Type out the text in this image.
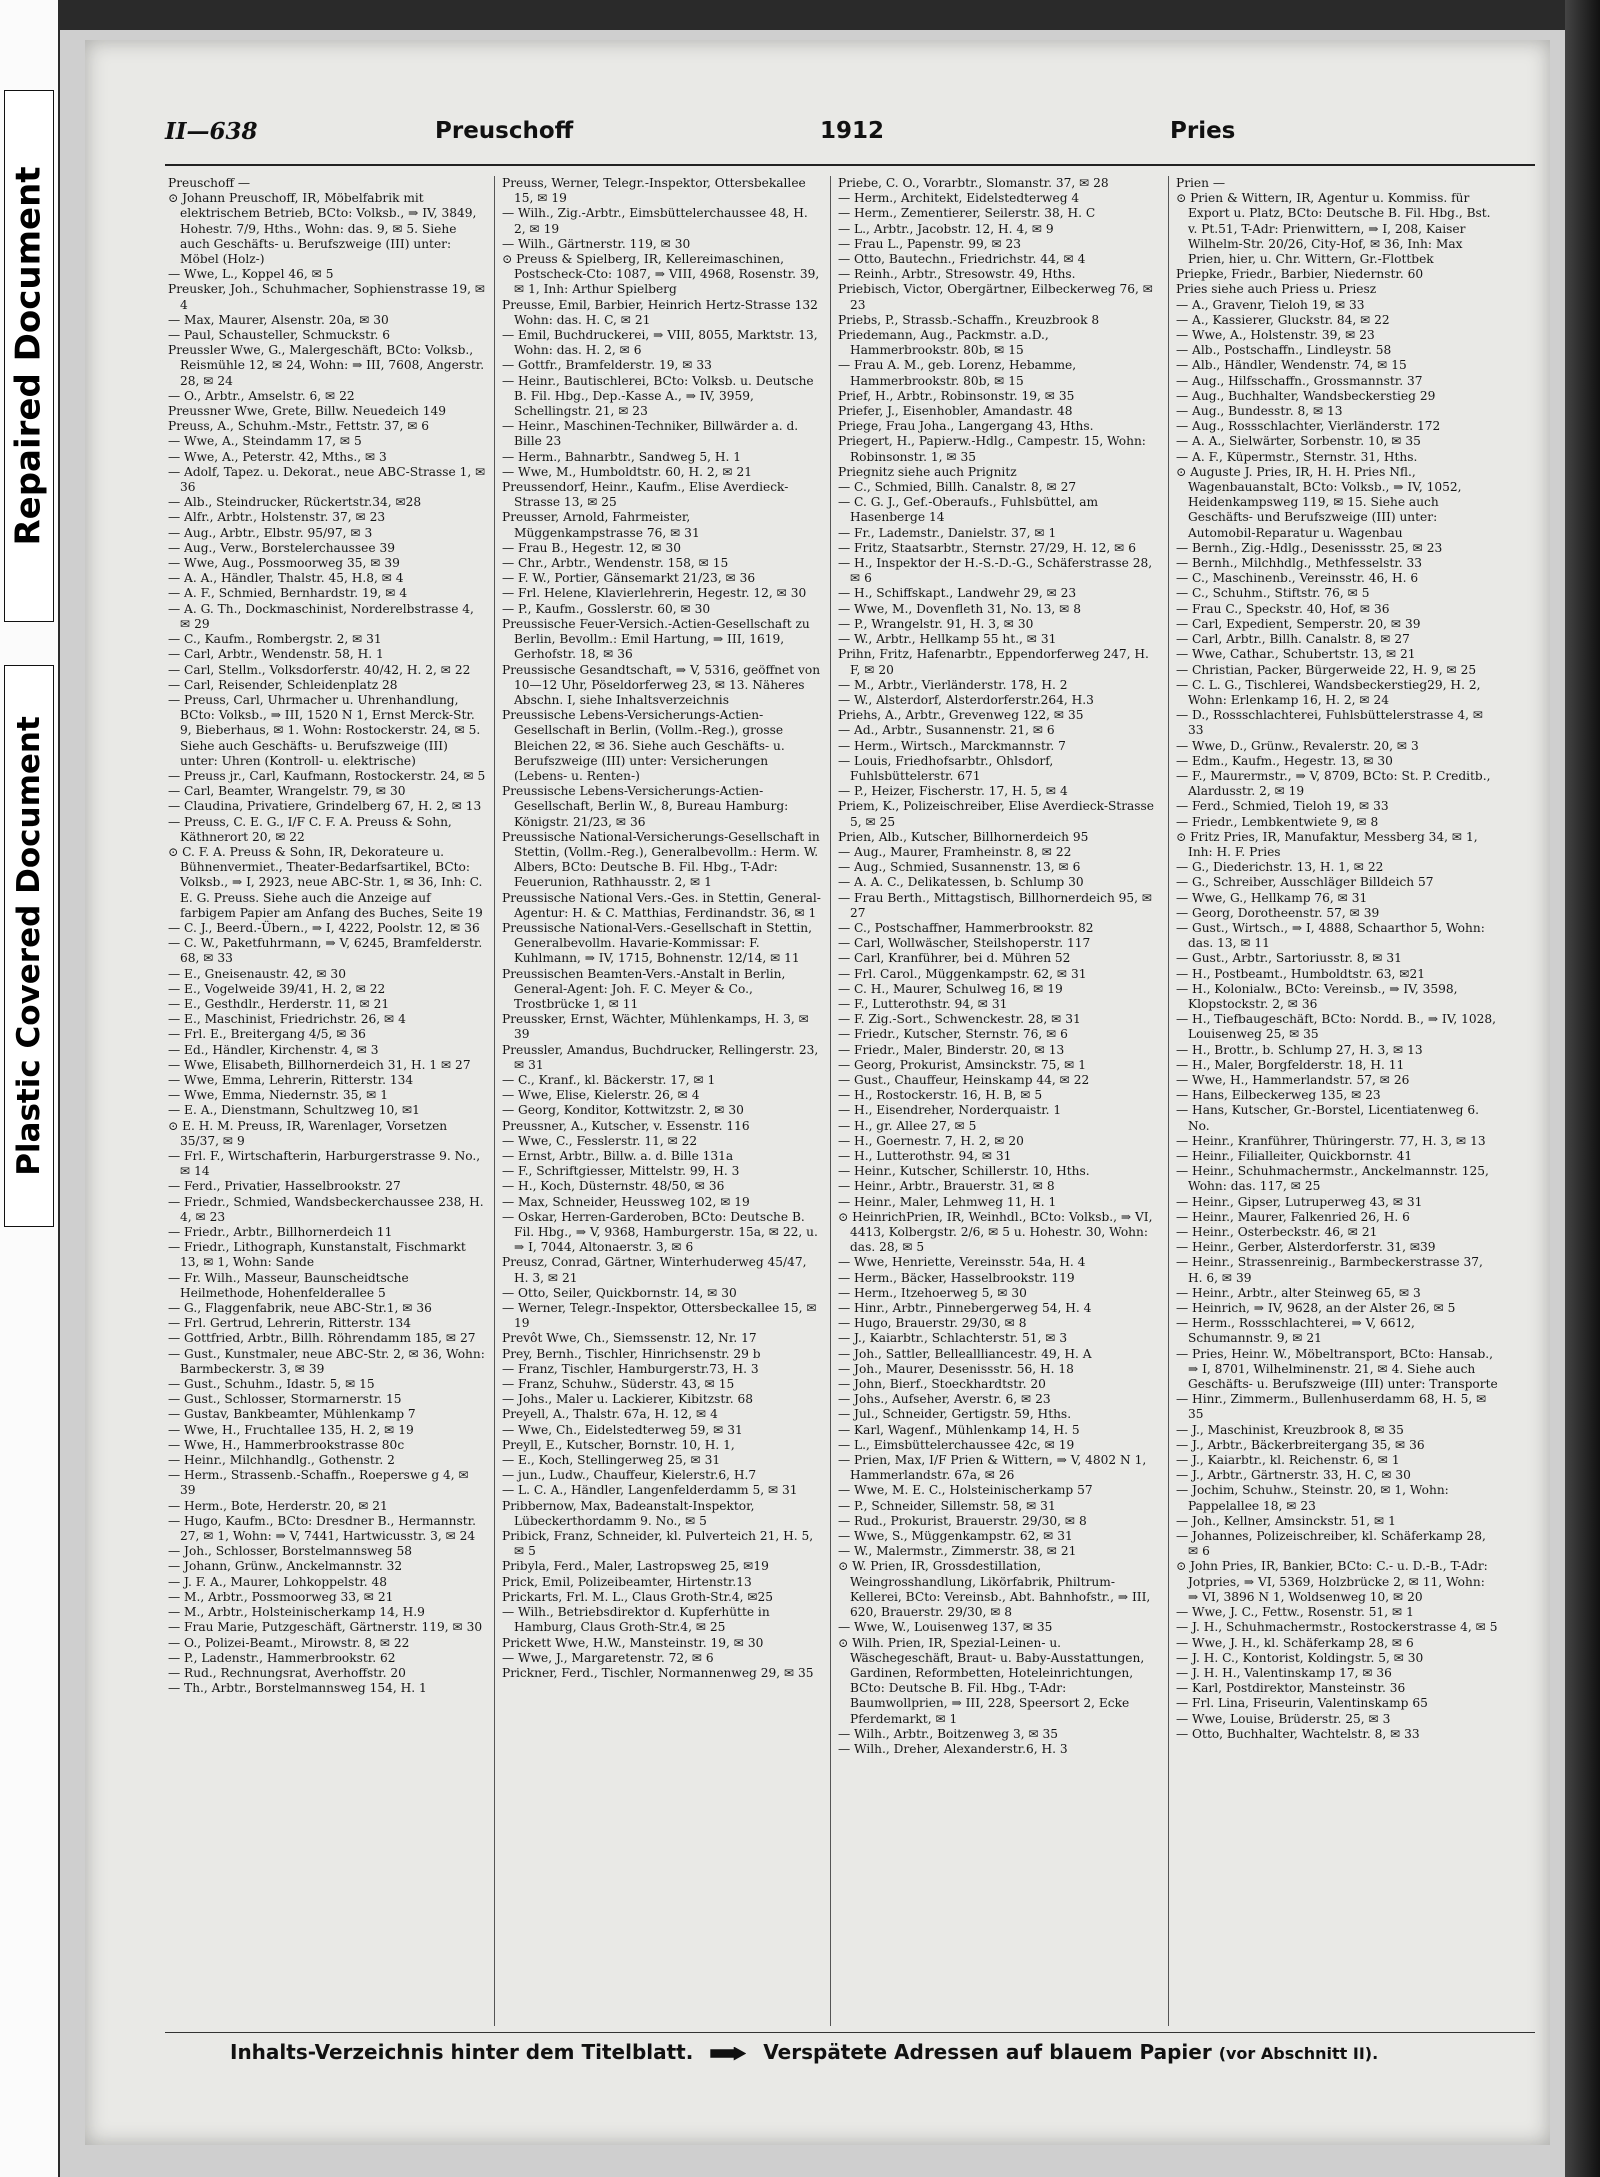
Repaired Document
Plastic Covered Document
II—638	Preuschoff	1912	Pries
Preuschoff —
⊙ Johann Preuschoff, IR, Möbelfabrik mit elektrischem Betrieb, BCto: Volksb., ⇒ IV, 3849, Hohestr. 7/9, Hths., Wohn: das. 9, ✉ 5. Siehe auch Geschäfts- u. Berufszweige (III) unter: Möbel (Holz-)
— Wwe, L., Koppel 46, ✉ 5
Preusker, Joh., Schuhmacher, Sophienstrasse 19, ✉ 4
— Max, Maurer, Alsenstr. 20a, ✉ 30
— Paul, Schausteller, Schmuckstr. 6
Preussler Wwe, G., Malergeschäft, BCto: Volksb., Reismühle 12, ✉ 24, Wohn: ⇒ III, 7608, Angerstr. 28, ✉ 24
— O., Arbtr., Amselstr. 6, ✉ 22
Preussner Wwe, Grete, Billw. Neuedeich 149
Preuss, A., Schuhm.-Mstr., Fettstr. 37, ✉ 6
— Wwe, A., Steindamm 17, ✉ 5
— Wwe, A., Peterstr. 42, Mths., ✉ 3
— Adolf, Tapez. u. Dekorat., neue ABC-Strasse 1, ✉ 36
— Alb., Steindrucker, Rückertstr.34, ✉28
— Alfr., Arbtr., Holstenstr. 37, ✉ 23
— Aug., Arbtr., Elbstr. 95/97, ✉ 3
— Aug., Verw., Borstelerchaussee 39
— Wwe, Aug., Possmoorweg 35, ✉ 39
— A. A., Händler, Thalstr. 45, H.8, ✉ 4
— A. F., Schmied, Bernhardstr. 19, ✉ 4
— A. G. Th., Dockmaschinist, Norderelbstrasse 4, ✉ 29
— C., Kaufm., Rombergstr. 2, ✉ 31
— Carl, Arbtr., Wendenstr. 58, H. 1
— Carl, Stellm., Volksdorferstr. 40/42, H. 2, ✉ 22
— Carl, Reisender, Schleidenplatz 28
— Preuss, Carl, Uhrmacher u. Uhrenhandlung, BCto: Volksb., ⇒ III, 1520 N 1, Ernst Merck-Str. 9, Bieberhaus, ✉ 1. Wohn: Rostockerstr. 24, ✉ 5. Siehe auch Geschäfts- u. Berufszweige (III) unter: Uhren (Kontroll- u. elektrische)
— Preuss jr., Carl, Kaufmann, Rostockerstr. 24, ✉ 5
— Carl, Beamter, Wrangelstr. 79, ✉ 30
— Claudina, Privatiere, Grindelberg 67, H. 2, ✉ 13
— Preuss, C. E. G., I/F C. F. A. Preuss & Sohn, Käthnerort 20, ✉ 22
⊙ C. F. A. Preuss & Sohn, IR, Dekorateure u. Bühnenvermiet., Theater-Bedarfsartikel, BCto: Volksb., ⇒ I, 2923, neue ABC-Str. 1, ✉ 36, Inh: C. E. G. Preuss. Siehe auch die Anzeige auf farbigem Papier am Anfang des Buches, Seite 19
— C. J., Beerd.-Übern., ⇒ I, 4222, Poolstr. 12, ✉ 36
— C. W., Paketfuhrmann, ⇒ V, 6245, Bramfelderstr. 68, ✉ 33
— E., Gneisenaustr. 42, ✉ 30
— E., Vogelweide 39/41, H. 2, ✉ 22
— E., Gesthdlr., Herderstr. 11, ✉ 21
— E., Maschinist, Friedrichstr. 26, ✉ 4
— Frl. E., Breitergang 4/5, ✉ 36
— Ed., Händler, Kirchenstr. 4, ✉ 3
— Wwe, Elisabeth, Billhornerdeich 31, H. 1 ✉ 27
— Wwe, Emma, Lehrerin, Ritterstr. 134
— Wwe, Emma, Niedernstr. 35, ✉ 1
— E. A., Dienstmann, Schultzweg 10, ✉1
⊙ E. H. M. Preuss, IR, Warenlager, Vorsetzen 35/37, ✉ 9
— Frl. F., Wirtschafterin, Harburgerstrasse 9. No., ✉ 14
— Ferd., Privatier, Hasselbrookstr. 27
— Friedr., Schmied, Wandsbeckerchaussee 238, H. 4, ✉ 23
— Friedr., Arbtr., Billhornerdeich 11
— Friedr., Lithograph, Kunstanstalt, Fischmarkt 13, ✉ 1, Wohn: Sande
— Fr. Wilh., Masseur, Baunscheidtsche Heilmethode, Hohenfelderallee 5
— G., Flaggenfabrik, neue ABC-Str.1, ✉ 36
— Frl. Gertrud, Lehrerin, Ritterstr. 134
— Gottfried, Arbtr., Billh. Röhrendamm 185, ✉ 27
— Gust., Kunstmaler, neue ABC-Str. 2, ✉ 36, Wohn: Barmbeckerstr. 3, ✉ 39
— Gust., Schuhm., Idastr. 5, ✉ 15
— Gust., Schlosser, Stormarnerstr. 15
— Gustav, Bankbeamter, Mühlenkamp 7
— Wwe, H., Fruchtallee 135, H. 2, ✉ 19
— Wwe, H., Hammerbrookstrasse 80c
— Heinr., Milchhandlg., Gothenstr. 2
— Herm., Strassenb.-Schaffn., Roeperswe g 4, ✉ 39
— Herm., Bote, Herderstr. 20, ✉ 21
— Hugo, Kaufm., BCto: Dresdner B., Hermannstr. 27, ✉ 1, Wohn: ⇒ V, 7441, Hartwicusstr. 3, ✉ 24
— Joh., Schlosser, Borstelmannsweg 58
— Johann, Grünw., Anckelmannstr. 32
— J. F. A., Maurer, Lohkoppelstr. 48
— M., Arbtr., Possmoorweg 33, ✉ 21
— M., Arbtr., Holsteinischerkamp 14, H.9
— Frau Marie, Putzgeschäft, Gärtnerstr. 119, ✉ 30
— O., Polizei-Beamt., Mirowstr. 8, ✉ 22
— P., Ladenstr., Hammerbrookstr. 62
— Rud., Rechnungsrat, Averhoffstr. 20
— Th., Arbtr., Borstelmannsweg 154, H. 1
Preuss, Werner, Telegr.-Inspektor, Ottersbekallee 15, ✉ 19
— Wilh., Zig.-Arbtr., Eimsbüttelerchaussee 48, H. 2, ✉ 19
— Wilh., Gärtnerstr. 119, ✉ 30
⊙ Preuss & Spielberg, IR, Kellereimaschinen, Postscheck-Cto: 1087, ⇒ VIII, 4968, Rosenstr. 39, ✉ 1, Inh: Arthur Spielberg
Preusse, Emil, Barbier, Heinrich Hertz-Strasse 132 Wohn: das. H. C, ✉ 21
— Emil, Buchdruckerei, ⇒ VIII, 8055, Marktstr. 13, Wohn: das. H. 2, ✉ 6
— Gottfr., Bramfelderstr. 19, ✉ 33
— Heinr., Bautischlerei, BCto: Volksb. u. Deutsche B. Fil. Hbg., Dep.-Kasse A., ⇒ IV, 3959, Schellingstr. 21, ✉ 23
— Heinr., Maschinen-Techniker, Billwärder a. d. Bille 23
— Herm., Bahnarbtr., Sandweg 5, H. 1
— Wwe, M., Humboldtstr. 60, H. 2, ✉ 21
Preussendorf, Heinr., Kaufm., Elise Averdieck-Strasse 13, ✉ 25
Preusser, Arnold, Fahrmeister, Müggenkampstrasse 76, ✉ 31
— Frau B., Hegestr. 12, ✉ 30
— Chr., Arbtr., Wendenstr. 158, ✉ 15
— F. W., Portier, Gänsemarkt 21/23, ✉ 36
— Frl. Helene, Klavierlehrerin, Hegestr. 12, ✉ 30
— P., Kaufm., Gosslerstr. 60, ✉ 30
Preussische Feuer-Versich.-Actien-Gesellschaft zu Berlin, Bevollm.: Emil Hartung, ⇒ III, 1619, Gerhofstr. 18, ✉ 36
Preussische Gesandtschaft, ⇒ V, 5316, geöffnet von 10—12 Uhr, Pöseldorferweg 23, ✉ 13. Näheres Abschn. I, siehe Inhaltsverzeichnis
Preussische Lebens-Versicherungs-Actien-Gesellschaft in Berlin, (Vollm.-Reg.), grosse Bleichen 22, ✉ 36. Siehe auch Geschäfts- u. Berufszweige (III) unter: Versicherungen (Lebens- u. Renten-)
Preussische Lebens-Versicherungs-Actien-Gesellschaft, Berlin W., 8, Bureau Hamburg: Königstr. 21/23, ✉ 36
Preussische National-Versicherungs-Gesellschaft in Stettin, (Vollm.-Reg.), Generalbevollm.: Herm. W. Albers, BCto: Deutsche B. Fil. Hbg., T-Adr: Feuerunion, Rathhausstr. 2, ✉ 1
Preussische National Vers.-Ges. in Stettin, General-Agentur: H. & C. Matthias, Ferdinandstr. 36, ✉ 1
Preussische National-Vers.-Gesellschaft in Stettin, Generalbevollm. Havarie-Kommissar: F. Kuhlmann, ⇒ IV, 1715, Bohnenstr. 12/14, ✉ 11
Preussischen Beamten-Vers.-Anstalt in Berlin, General-Agent: Joh. F. C. Meyer & Co., Trostbrücke 1, ✉ 11
Preussker, Ernst, Wächter, Mühlenkamps, H. 3, ✉ 39
Preussler, Amandus, Buchdrucker, Rellingerstr. 23, ✉ 31
— C., Kranf., kl. Bäckerstr. 17, ✉ 1
— Wwe, Elise, Kielerstr. 26, ✉ 4
— Georg, Konditor, Kottwitzstr. 2, ✉ 30
Preussner, A., Kutscher, v. Essenstr. 116
— Wwe, C., Fesslerstr. 11, ✉ 22
— Ernst, Arbtr., Billw. a. d. Bille 131a
— F., Schriftgiesser, Mittelstr. 99, H. 3
— H., Koch, Düsternstr. 48/50, ✉ 36
— Max, Schneider, Heussweg 102, ✉ 19
— Oskar, Herren-Garderoben, BCto: Deutsche B. Fil. Hbg., ⇒ V, 9368, Hamburgerstr. 15a, ✉ 22, u. ⇒ I, 7044, Altonaerstr. 3, ✉ 6
Preusz, Conrad, Gärtner, Winterhuderweg 45/47, H. 3, ✉ 21
— Otto, Seiler, Quickbornstr. 14, ✉ 30
— Werner, Telegr.-Inspektor, Ottersbeckallee 15, ✉ 19
Prevôt Wwe, Ch., Siemssenstr. 12, Nr. 17
Prey, Bernh., Tischler, Hinrichsenstr. 29 b
— Franz, Tischler, Hamburgerstr.73, H. 3
— Franz, Schuhw., Süderstr. 43, ✉ 15
— Johs., Maler u. Lackierer, Kibitzstr. 68
Preyell, A., Thalstr. 67a, H. 12, ✉ 4
— Wwe, Ch., Eidelstedterweg 59, ✉ 31
Preyll, E., Kutscher, Bornstr. 10, H. 1,
— E., Koch, Stellingerweg 25, ✉ 31
— jun., Ludw., Chauffeur, Kielerstr.6, H.7
— L. C. A., Händler, Langenfelderdamm 5, ✉ 31
Pribbernow, Max, Badeanstalt-Inspektor, Lübeckerthordamm 9. No., ✉ 5
Pribick, Franz, Schneider, kl. Pulverteich 21, H. 5, ✉ 5
Pribyla, Ferd., Maler, Lastropsweg 25, ✉19
Prick, Emil, Polizeibeamter, Hirtenstr.13
Prickarts, Frl. M. L., Claus Groth-Str.4, ✉25
— Wilh., Betriebsdirektor d. Kupferhütte in Hamburg, Claus Groth-Str.4, ✉ 25
Prickett Wwe, H.W., Mansteinstr. 19, ✉ 30
— Wwe, J., Margaretenstr. 72, ✉ 6
Prickner, Ferd., Tischler, Normannenweg 29, ✉ 35
Priebe, C. O., Vorarbtr., Slomanstr. 37, ✉ 28
— Herm., Architekt, Eidelstedterweg 4
— Herm., Zementierer, Seilerstr. 38, H. C
— L., Arbtr., Jacobstr. 12, H. 4, ✉ 9
— Frau L., Papenstr. 99, ✉ 23
— Otto, Bautechn., Friedrichstr. 44, ✉ 4
— Reinh., Arbtr., Stresowstr. 49, Hths.
Priebisch, Victor, Obergärtner, Eilbeckerweg 76, ✉ 23
Priebs, P., Strassb.-Schaffn., Kreuzbrook 8
Priedemann, Aug., Packmstr. a.D., Hammerbrookstr. 80b, ✉ 15
— Frau A. M., geb. Lorenz, Hebamme, Hammerbrookstr. 80b, ✉ 15
Prief, H., Arbtr., Robinsonstr. 19, ✉ 35
Priefer, J., Eisenhobler, Amandastr. 48
Priege, Frau Joha., Langergang 43, Hths.
Priegert, H., Papierw.-Hdlg., Campestr. 15, Wohn: Robinsonstr. 1, ✉ 35
Priegnitz siehe auch Prignitz
— C., Schmied, Billh. Canalstr. 8, ✉ 27
— C. G. J., Gef.-Oberaufs., Fuhlsbüttel, am Hasenberge 14
— Fr., Lademstr., Danielstr. 37, ✉ 1
— Fritz, Staatsarbtr., Sternstr. 27/29, H. 12, ✉ 6
— H., Inspektor der H.-S.-D.-G., Schäferstrasse 28, ✉ 6
— H., Schiffskapt., Landwehr 29, ✉ 23
— Wwe, M., Dovenfleth 31, No. 13, ✉ 8
— P., Wrangelstr. 91, H. 3, ✉ 30
— W., Arbtr., Hellkamp 55 ht., ✉ 31
Prihn, Fritz, Hafenarbtr., Eppendorferweg 247, H. F, ✉ 20
— M., Arbtr., Vierländerstr. 178, H. 2
— W., Alsterdorf, Alsterdorferstr.264, H.3
Priehs, A., Arbtr., Grevenweg 122, ✉ 35
— Ad., Arbtr., Susannenstr. 21, ✉ 6
— Herm., Wirtsch., Marckmannstr. 7
— Louis, Friedhofsarbtr., Ohlsdorf, Fuhlsbüttelerstr. 671
— P., Heizer, Fischerstr. 17, H. 5, ✉ 4
Priem, K., Polizeischreiber, Elise Averdieck-Strasse 5, ✉ 25
Prien, Alb., Kutscher, Billhornerdeich 95
— Aug., Maurer, Framheinstr. 8, ✉ 22
— Aug., Schmied, Susannenstr. 13, ✉ 6
— A. A. C., Delikatessen, b. Schlump 30
— Frau Berth., Mittagstisch, Billhornerdeich 95, ✉ 27
— C., Postschaffner, Hammerbrookstr. 82
— Carl, Wollwäscher, Steilshoperstr. 117
— Carl, Kranführer, bei d. Mühren 52
— Frl. Carol., Müggenkampstr. 62, ✉ 31
— C. H., Maurer, Schulweg 16, ✉ 19
— F., Lutterothstr. 94, ✉ 31
— F. Zig.-Sort., Schwenckestr. 28, ✉ 31
— Friedr., Kutscher, Sternstr. 76, ✉ 6
— Friedr., Maler, Binderstr. 20, ✉ 13
— Georg, Prokurist, Amsinckstr. 75, ✉ 1
— Gust., Chauffeur, Heinskamp 44, ✉ 22
— H., Rostockerstr. 16, H. B, ✉ 5
— H., Eisendreher, Norderquaistr. 1
— H., gr. Allee 27, ✉ 5
— H., Goernestr. 7, H. 2, ✉ 20
— H., Lutterothstr. 94, ✉ 31
— Heinr., Kutscher, Schillerstr. 10, Hths.
— Heinr., Arbtr., Brauerstr. 31, ✉ 8
— Heinr., Maler, Lehmweg 11, H. 1
⊙ HeinrichPrien, IR, Weinhdl., BCto: Volksb., ⇒ VI, 4413, Kolbergstr. 2/6, ✉ 5 u. Hohestr. 30, Wohn: das. 28, ✉ 5
— Wwe, Henriette, Vereinsstr. 54a, H. 4
— Herm., Bäcker, Hasselbrookstr. 119
— Herm., Itzehoerweg 5, ✉ 30
— Hinr., Arbtr., Pinnebergerweg 54, H. 4
— Hugo, Brauerstr. 29/30, ✉ 8
— J., Kaiarbtr., Schlachterstr. 51, ✉ 3
— Joh., Sattler, Belleallliancestr. 49, H. A
— Joh., Maurer, Desenissstr. 56, H. 18
— John, Bierf., Stoeckhardtstr. 20
— Johs., Aufseher, Averstr. 6, ✉ 23
— Jul., Schneider, Gertigstr. 59, Hths.
— Karl, Wagenf., Mühlenkamp 14, H. 5
— L., Eimsbüttelerchaussee 42c, ✉ 19
— Prien, Max, I/F Prien & Wittern, ⇒ V, 4802 N 1, Hammerlandstr. 67a, ✉ 26
— Wwe, M. E. C., Holsteinischerkamp 57
— P., Schneider, Sillemstr. 58, ✉ 31
— Rud., Prokurist, Brauerstr. 29/30, ✉ 8
— Wwe, S., Müggenkampstr. 62, ✉ 31
— W., Malermstr., Zimmerstr. 38, ✉ 21
⊙ W. Prien, IR, Grossdestillation, Weingrosshandlung, Likörfabrik, Philtrum-Kellerei, BCto: Vereinsb., Abt. Bahnhofstr., ⇒ III, 620, Brauerstr. 29/30, ✉ 8
— Wwe, W., Louisenweg 137, ✉ 35
⊙ Wilh. Prien, IR, Spezial-Leinen- u. Wäschegeschäft, Braut- u. Baby-Ausstattungen, Gardinen, Reformbetten, Hoteleinrichtungen, BCto: Deutsche B. Fil. Hbg., T-Adr: Baumwollprien, ⇒ III, 228, Speersort 2, Ecke Pferdemarkt, ✉ 1
— Wilh., Arbtr., Boitzenweg 3, ✉ 35
— Wilh., Dreher, Alexanderstr.6, H. 3
Prien —
⊙ Prien & Wittern, IR, Agentur u. Kommiss. für Export u. Platz, BCto: Deutsche B. Fil. Hbg., Bst. v. Pt.51, T-Adr: Prienwittern, ⇒ I, 208, Kaiser Wilhelm-Str. 20/26, City-Hof, ✉ 36, Inh: Max Prien, hier, u. Chr. Wittern, Gr.-Flottbek
Priepke, Friedr., Barbier, Niedernstr. 60
Pries siehe auch Priess u. Priesz
— A., Gravenr, Tieloh 19, ✉ 33
— A., Kassierer, Gluckstr. 84, ✉ 22
— Wwe, A., Holstenstr. 39, ✉ 23
— Alb., Postschaffn., Lindleystr. 58
— Alb., Händler, Wendenstr. 74, ✉ 15
— Aug., Hilfsschaffn., Grossmannstr. 37
— Aug., Buchhalter, Wandsbeckerstieg 29
— Aug., Bundesstr. 8, ✉ 13
— Aug., Rossschlachter, Vierländerstr. 172
— A. A., Sielwärter, Sorbenstr. 10, ✉ 35
— A. F., Küpermstr., Sternstr. 31, Hths.
⊙ Auguste J. Pries, IR, H. H. Pries Nfl., Wagenbauanstalt, BCto: Volksb., ⇒ IV, 1052, Heidenkampsweg 119, ✉ 15. Siehe auch Geschäfts- und Berufszweige (III) unter: Automobil-Reparatur u. Wagenbau
— Bernh., Zig.-Hdlg., Desenissstr. 25, ✉ 23
— Bernh., Milchhdlg., Methfesselstr. 33
— C., Maschinenb., Vereinsstr. 46, H. 6
— C., Schuhm., Stiftstr. 76, ✉ 5
— Frau C., Speckstr. 40, Hof, ✉ 36
— Carl, Expedient, Semperstr. 20, ✉ 39
— Carl, Arbtr., Billh. Canalstr. 8, ✉ 27
— Wwe, Cathar., Schubertstr. 13, ✉ 21
— Christian, Packer, Bürgerweide 22, H. 9, ✉ 25
— C. L. G., Tischlerei, Wandsbeckerstieg29, H. 2, Wohn: Erlenkamp 16, H. 2, ✉ 24
— D., Rossschlachterei, Fuhlsbüttelerstrasse 4, ✉ 33
— Wwe, D., Grünw., Revalerstr. 20, ✉ 3
— Edm., Kaufm., Hegestr. 13, ✉ 30
— F., Maurermstr., ⇒ V, 8709, BCto: St. P. Creditb., Alardusstr. 2, ✉ 19
— Ferd., Schmied, Tieloh 19, ✉ 33
— Friedr., Lembkentwiete 9, ✉ 8
⊙ Fritz Pries, IR, Manufaktur, Messberg 34, ✉ 1, Inh: H. F. Pries
— G., Diederichstr. 13, H. 1, ✉ 22
— G., Schreiber, Ausschläger Billdeich 57
— Wwe, G., Hellkamp 76, ✉ 31
— Georg, Dorotheenstr. 57, ✉ 39
— Gust., Wirtsch., ⇒ I, 4888, Schaarthor 5, Wohn: das. 13, ✉ 11
— Gust., Arbtr., Sartoriusstr. 8, ✉ 31
— H., Postbeamt., Humboldtstr. 63, ✉21
— H., Kolonialw., BCto: Vereinsb., ⇒ IV, 3598, Klopstockstr. 2, ✉ 36
— H., Tiefbaugeschäft, BCto: Nordd. B., ⇒ IV, 1028, Louisenweg 25, ✉ 35
— H., Brottr., b. Schlump 27, H. 3, ✉ 13
— H., Maler, Borgfelderstr. 18, H. 11
— Wwe, H., Hammerlandstr. 57, ✉ 26
— Hans, Eilbeckerweg 135, ✉ 23
— Hans, Kutscher, Gr.-Borstel, Licentiatenweg 6. No.
— Heinr., Kranführer, Thüringerstr. 77, H. 3, ✉ 13
— Heinr., Filialleiter, Quickbornstr. 41
— Heinr., Schuhmachermstr., Anckelmannstr. 125, Wohn: das. 117, ✉ 25
— Heinr., Gipser, Lutruperweg 43, ✉ 31
— Heinr., Maurer, Falkenried 26, H. 6
— Heinr., Osterbeckstr. 46, ✉ 21
— Heinr., Gerber, Alsterdorferstr. 31, ✉39
— Heinr., Strassenreinig., Barmbeckerstrasse 37, H. 6, ✉ 39
— Heinr., Arbtr., alter Steinweg 65, ✉ 3
— Heinrich, ⇒ IV, 9628, an der Alster 26, ✉ 5
— Herm., Rossschlachterei, ⇒ V, 6612, Schumannstr. 9, ✉ 21
— Pries, Heinr. W., Möbeltransport, BCto: Hansab., ⇒ I, 8701, Wilhelminenstr. 21, ✉ 4. Siehe auch Geschäfts- u. Berufszweige (III) unter: Transporte
— Hinr., Zimmerm., Bullenhuserdamm 68, H. 5, ✉ 35
— J., Maschinist, Kreuzbrook 8, ✉ 35
— J., Arbtr., Bäckerbreitergang 35, ✉ 36
— J., Kaiarbtr., kl. Reichenstr. 6, ✉ 1
— J., Arbtr., Gärtnerstr. 33, H. C, ✉ 30
— Jochim, Schuhw., Steinstr. 20, ✉ 1, Wohn: Pappelallee 18, ✉ 23
— Joh., Kellner, Amsinckstr. 51, ✉ 1
— Johannes, Polizeischreiber, kl. Schäferkamp 28, ✉ 6
⊙ John Pries, IR, Bankier, BCto: C.- u. D.-B., T-Adr: Jotpries, ⇒ VI, 5369, Holzbrücke 2, ✉ 11, Wohn: ⇒ VI, 3896 N 1, Woldsenweg 10, ✉ 20
— Wwe, J. C., Fettw., Rosenstr. 51, ✉ 1
— J. H., Schuhmachermstr., Rostockerstrasse 4, ✉ 5
— Wwe, J. H., kl. Schäferkamp 28, ✉ 6
— J. H. C., Kontorist, Koldingstr. 5, ✉ 30
— J. H. H., Valentinskamp 17, ✉ 36
— Karl, Postdirektor, Mansteinstr. 36
— Frl. Lina, Friseurin, Valentinskamp 65
— Wwe, Louise, Brüderstr. 25, ✉ 3
— Otto, Buchhalter, Wachtelstr. 8, ✉ 33
Inhalts-Verzeichnis hinter dem Titelblatt.	Verspätete Adressen auf blauem Papier (vor Abschnitt II).
